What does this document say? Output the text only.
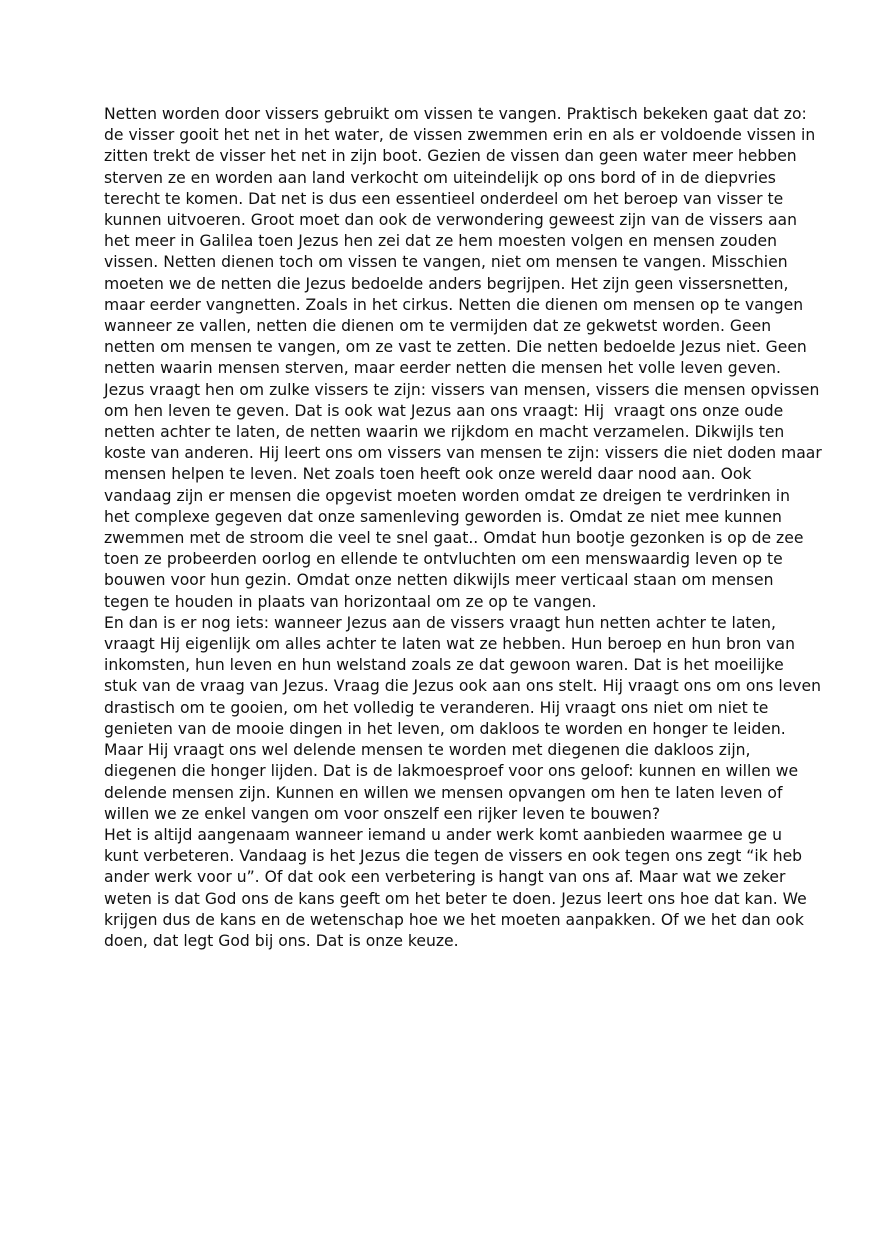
Netten worden door vissers gebruikt om vissen te vangen. Praktisch bekeken gaat dat zo:
de visser gooit het net in het water, de vissen zwemmen erin en als er voldoende vissen in
zitten trekt de visser het net in zijn boot. Gezien de vissen dan geen water meer hebben
sterven ze en worden aan land verkocht om uiteindelijk op ons bord of in de diepvries
terecht te komen. Dat net is dus een essentieel onderdeel om het beroep van visser te
kunnen uitvoeren. Groot moet dan ook de verwondering geweest zijn van de vissers aan
het meer in Galilea toen Jezus hen zei dat ze hem moesten volgen en mensen zouden
vissen. Netten dienen toch om vissen te vangen, niet om mensen te vangen. Misschien
moeten we de netten die Jezus bedoelde anders begrijpen. Het zijn geen vissersnetten,
maar eerder vangnetten. Zoals in het cirkus. Netten die dienen om mensen op te vangen
wanneer ze vallen, netten die dienen om te vermijden dat ze gekwetst worden. Geen
netten om mensen te vangen, om ze vast te zetten. Die netten bedoelde Jezus niet. Geen
netten waarin mensen sterven, maar eerder netten die mensen het volle leven geven.
Jezus vraagt hen om zulke vissers te zijn: vissers van mensen, vissers die mensen opvissen
om hen leven te geven. Dat is ook wat Jezus aan ons vraagt: Hij  vraagt ons onze oude
netten achter te laten, de netten waarin we rijkdom en macht verzamelen. Dikwijls ten
koste van anderen. Hij leert ons om vissers van mensen te zijn: vissers die niet doden maar
mensen helpen te leven. Net zoals toen heeft ook onze wereld daar nood aan. Ook
vandaag zijn er mensen die opgevist moeten worden omdat ze dreigen te verdrinken in
het complexe gegeven dat onze samenleving geworden is. Omdat ze niet mee kunnen
zwemmen met de stroom die veel te snel gaat.. Omdat hun bootje gezonken is op de zee
toen ze probeerden oorlog en ellende te ontvluchten om een menswaardig leven op te
bouwen voor hun gezin. Omdat onze netten dikwijls meer verticaal staan om mensen
tegen te houden in plaats van horizontaal om ze op te vangen.

En dan is er nog iets: wanneer Jezus aan de vissers vraagt hun netten achter te laten,
vraagt Hij eigenlijk om alles achter te laten wat ze hebben. Hun beroep en hun bron van
inkomsten, hun leven en hun welstand zoals ze dat gewoon waren. Dat is het moeilijke
stuk van de vraag van Jezus. Vraag die Jezus ook aan ons stelt. Hij vraagt ons om ons leven
drastisch om te gooien, om het volledig te veranderen. Hij vraagt ons niet om niet te
genieten van de mooie dingen in het leven, om dakloos te worden en honger te leiden.
Maar Hij vraagt ons wel delende mensen te worden met diegenen die dakloos zijn,
diegenen die honger lijden. Dat is de lakmoesproef voor ons geloof: kunnen en willen we
delende mensen zijn. Kunnen en willen we mensen opvangen om hen te laten leven of
willen we ze enkel vangen om voor onszelf een rijker leven te bouwen?

Het is altijd aangenaam wanneer iemand u ander werk komt aanbieden waarmee ge u
kunt verbeteren. Vandaag is het Jezus die tegen de vissers en ook tegen ons zegt “ik heb
ander werk voor u”. Of dat ook een verbetering is hangt van ons af. Maar wat we zeker
weten is dat God ons de kans geeft om het beter te doen. Jezus leert ons hoe dat kan. We
krijgen dus de kans en de wetenschap hoe we het moeten aanpakken. Of we het dan ook
doen, dat legt God bij ons. Dat is onze keuze.
